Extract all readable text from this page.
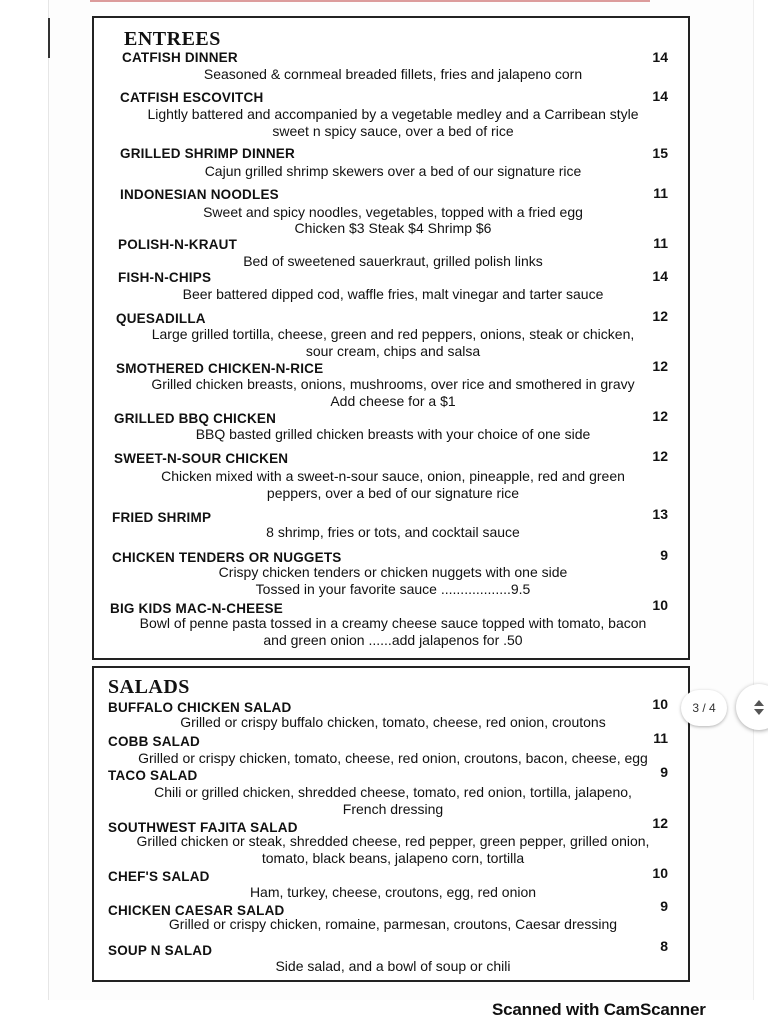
ENTREES
CATFISH DINNER	14
Seasoned & cornmeal breaded fillets, fries and jalapeno corn
CATFISH ESCOVITCH	14
Lightly battered and accompanied by a vegetable medley and a Carribean style
sweet n spicy sauce, over a bed of rice
GRILLED SHRIMP DINNER	15
Cajun grilled shrimp skewers over a bed of our signature rice
INDONESIAN NOODLES	11
Sweet and spicy noodles, vegetables, topped with a fried egg
Chicken $3 Steak $4 Shrimp $6
POLISH-N-KRAUT	11
Bed of sweetened sauerkraut, grilled polish links
FISH-N-CHIPS	14
Beer battered dipped cod, waffle fries, malt vinegar and tarter sauce
QUESADILLA	12
Large grilled tortilla, cheese, green and red peppers, onions, steak or chicken,
sour cream, chips and salsa
SMOTHERED CHICKEN-N-RICE	12
Grilled chicken breasts, onions, mushrooms, over rice and smothered in gravy
Add cheese for a $1
GRILLED BBQ CHICKEN	12
BBQ basted grilled chicken breasts with your choice of one side
SWEET-N-SOUR CHICKEN	12
Chicken mixed with a sweet-n-sour sauce, onion, pineapple, red and green
peppers, over a bed of our signature rice
FRIED SHRIMP	13
8 shrimp, fries or tots, and cocktail sauce
CHICKEN TENDERS OR NUGGETS	9
Crispy chicken tenders or chicken nuggets with one side
Tossed in your favorite sauce ..................9.5
BIG KIDS MAC-N-CHEESE	10
Bowl of penne pasta tossed in a creamy cheese sauce topped with tomato, bacon
and green onion ......add jalapenos for .50
SALADS
BUFFALO CHICKEN SALAD	10
Grilled or crispy buffalo chicken, tomato, cheese, red onion, croutons
COBB SALAD	11
Grilled or crispy chicken, tomato, cheese, red onion, croutons, bacon, cheese, egg
TACO SALAD	9
Chili or grilled chicken, shredded cheese, tomato, red onion, tortilla, jalapeno,
French dressing
SOUTHWEST FAJITA SALAD	12
Grilled chicken or steak, shredded cheese, red pepper, green pepper, grilled onion,
tomato, black beans, jalapeno corn, tortilla
CHEF'S SALAD	10
Ham, turkey, cheese, croutons, egg, red onion
CHICKEN CAESAR SALAD	9
Grilled or crispy chicken, romaine, parmesan, croutons, Caesar dressing
SOUP N SALAD	8
Side salad, and a bowl of soup or chili
3 / 4
Scanned with CamScanner
